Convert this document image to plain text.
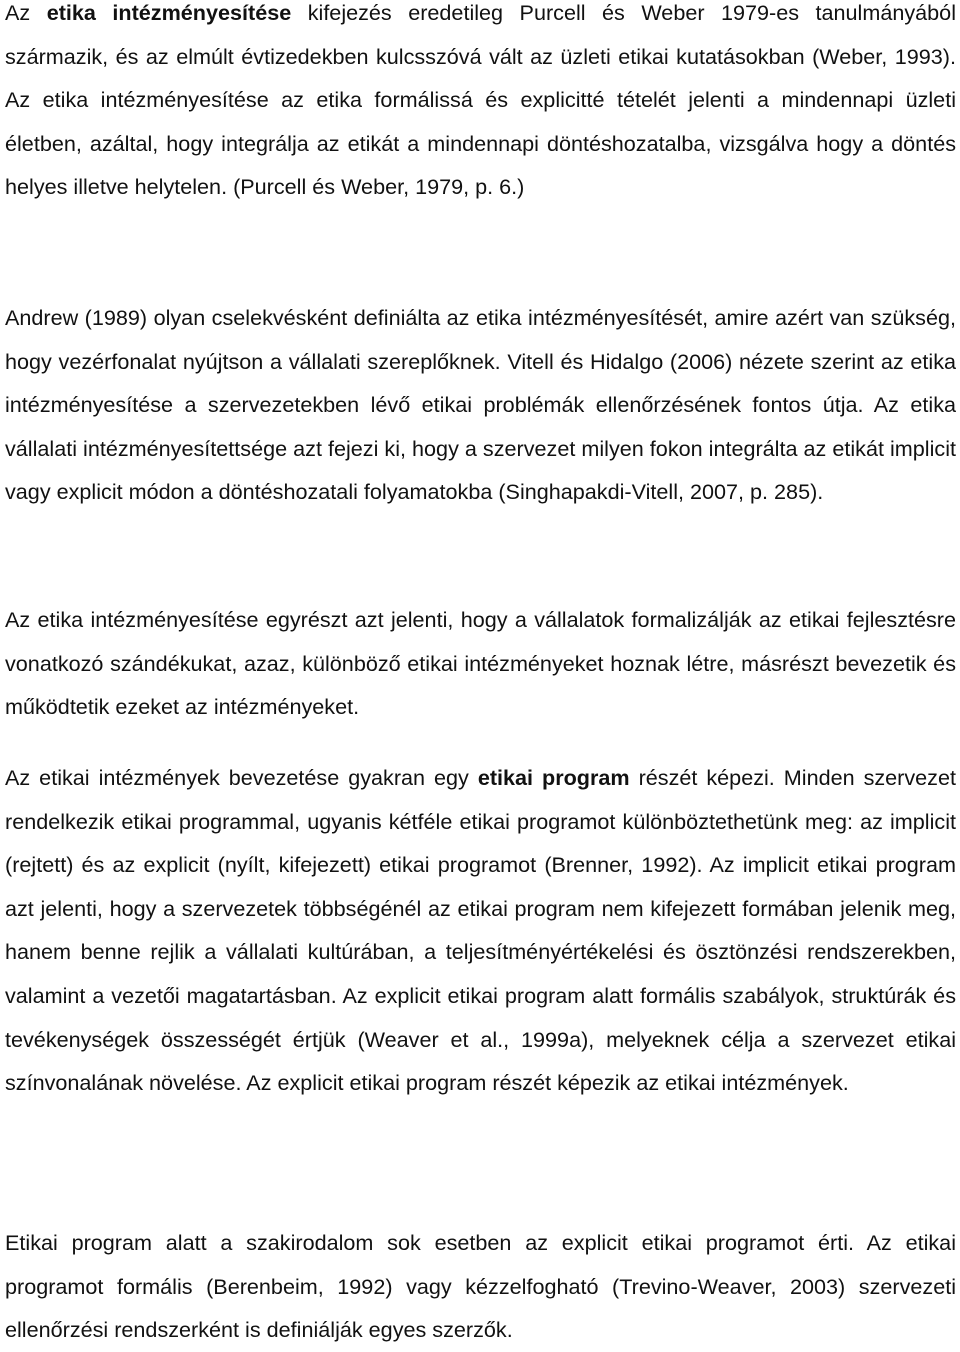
Az etika intézményesítése kifejezés eredetileg Purcell és Weber 1979-es tanulmányából származik, és az elmúlt évtizedekben kulcsszóvá vált az üzleti etikai kutatásokban (Weber, 1993). Az etika intézményesítése az etika formálissá és explicitté tételét jelenti a mindennapi üzleti életben, azáltal, hogy integrálja az etikát a mindennapi döntéshozatalba, vizsgálva hogy a döntés helyes illetve helytelen. (Purcell és Weber, 1979, p. 6.)

Andrew (1989) olyan cselekvésként definiálta az etika intézményesítését, amire azért van szükség, hogy vezérfonalat nyújtson a vállalati szereplőknek. Vitell és Hidalgo (2006) nézete szerint az etika intézményesítése a szervezetekben lévő etikai problémák ellenőrzésének fontos útja. Az etika vállalati intézményesítettsége azt fejezi ki, hogy a szervezet milyen fokon integrálta az etikát implicit vagy explicit módon a döntéshozatali folyamatokba (Singhapakdi-Vitell, 2007, p. 285).

Az etika intézményesítése egyrészt azt jelenti, hogy a vállalatok formalizálják az etikai fejlesztésre vonatkozó szándékukat, azaz, különböző etikai intézményeket hoznak létre, másrészt bevezetik és működtetik ezeket az intézményeket.

Az etikai intézmények bevezetése gyakran egy etikai program részét képezi. Minden szervezet rendelkezik etikai programmal, ugyanis kétféle etikai programot különböztethetünk meg: az implicit (rejtett) és az explicit (nyílt, kifejezett) etikai programot (Brenner, 1992). Az implicit etikai program azt jelenti, hogy a szervezetek többségénél az etikai program nem kifejezett formában jelenik meg, hanem benne rejlik a vállalati kultúrában, a teljesítményértékelési és ösztönzési rendszerekben, valamint a vezetői magatartásban. Az explicit etikai program alatt formális szabályok, struktúrák és tevékenységek összességét értjük (Weaver et al., 1999a), melyeknek célja a szervezet etikai színvonalának növelése. Az explicit etikai program részét képezik az etikai intézmények.

Etikai program alatt a szakirodalom sok esetben az explicit etikai programot érti. Az etikai programot formális (Berenbeim, 1992) vagy kézzelfogható (Trevino-Weaver, 2003) szervezeti ellenőrzési rendszerként is definiálják egyes szerzők.
